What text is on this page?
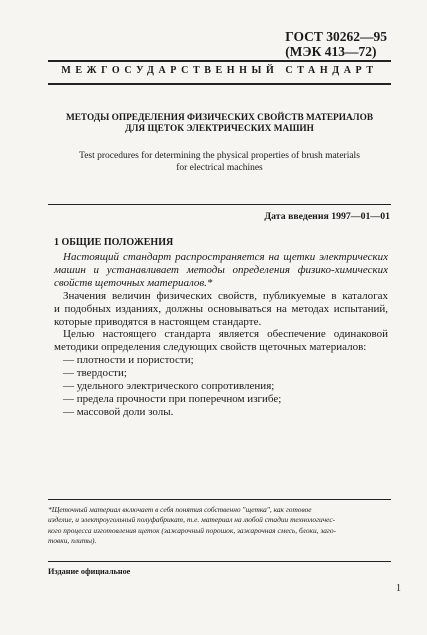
ГОСТ 30262—95
(МЭК 413—72)
МЕЖГОСУДАРСТВЕННЫЙ СТАНДАРТ
МЕТОДЫ ОПРЕДЕЛЕНИЯ ФИЗИЧЕСКИХ СВОЙСТВ МАТЕРИАЛОВ
ДЛЯ ЩЕТОК ЭЛЕКТРИЧЕСКИХ МАШИН
Test procedures for determining the physical properties of brush materials
for electrical machines
Дата введения 1997—01—01
1 ОБЩИЕ ПОЛОЖЕНИЯ
Настоящий стандарт распространяется на щетки электрических
машин и устанавливает методы определения физико-химических
свойств щеточных материалов.*
Значения величин физических свойств, публикуемые в каталогах
и подобных изданиях, должны основываться на методах испытаний,
которые приводятся в настоящем стандарте.
Целью настоящего стандарта является обеспечение одинаковой
методики определения следующих свойств щеточных материалов:
— плотности и пористости;
— твердости;
— удельного электрического сопротивления;
— предела прочности при поперечном изгибе;
— массовой доли золы.
*Щеточный материал включает в себя понятия собственно "щетка", как готовое
изделие, и электроугольный полуфабрикат, т.е. материал на любой стадии технологичес-
кого процесса изготовления щеток (зажарочный порошок, зажарочная смесь, блоки, заго-
товки, плиты).
Издание официальное
1
